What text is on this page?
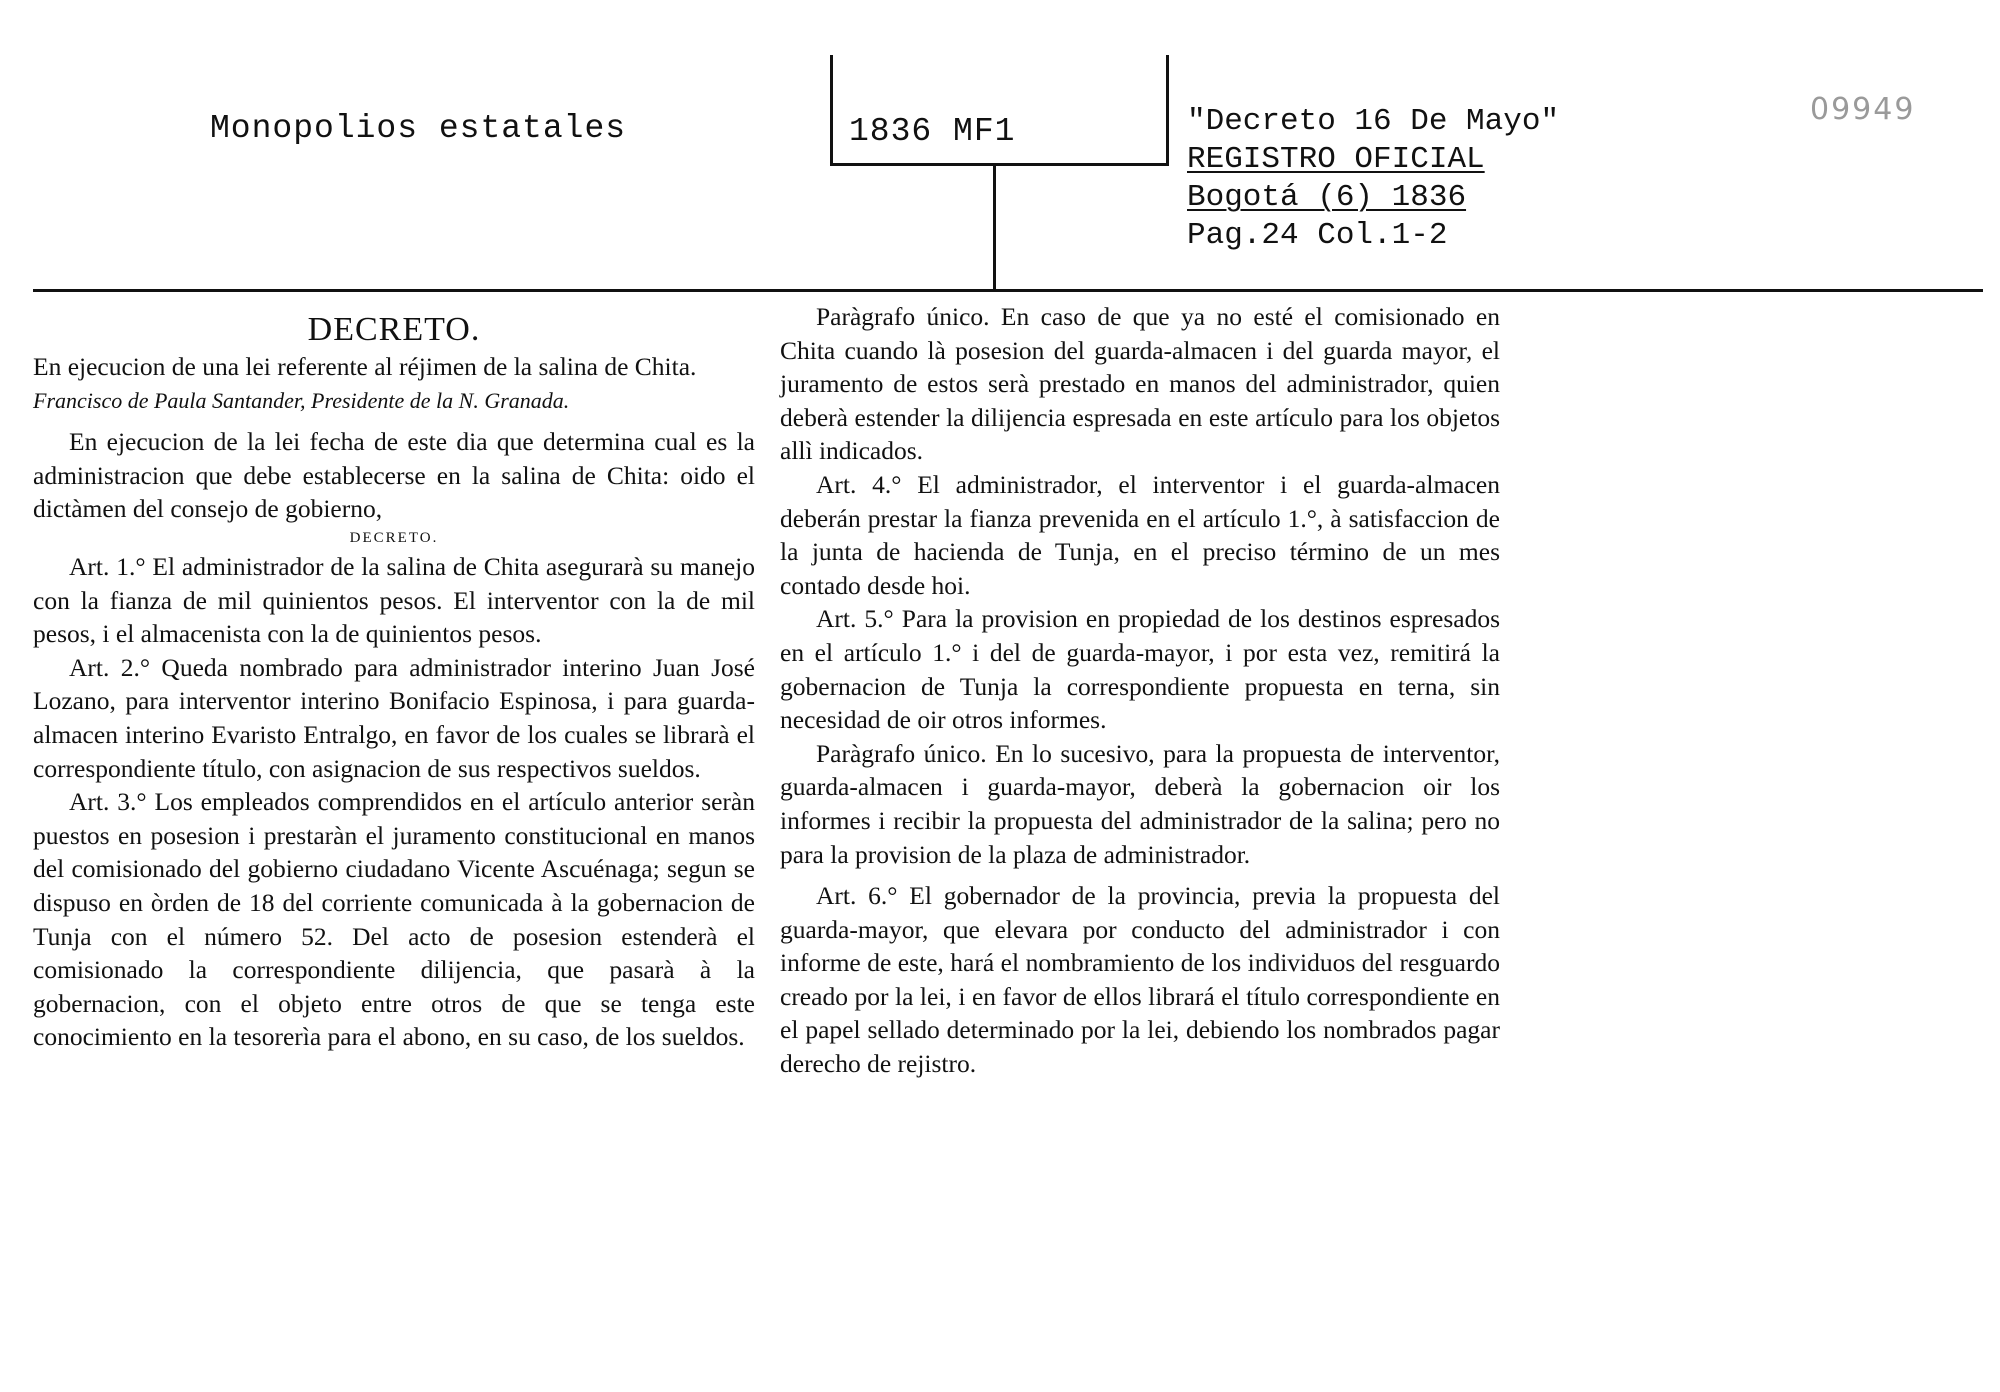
Monopolios estatales	1836 MF1	"Decreto 16 De Mayo"
REGISTRO OFICIAL
Bogotá (6) 1836
Pag.24 Col.1-2
09949

DECRETO.

En ejecucion de una lei referente al réjimen de la salina de Chita.

Francisco de Paula Santander, Presidente de la N. Granada.

En ejecucion de la lei fecha de este dia que determina cual es la administracion que debe establecerse en la salina de Chita: oido el dictàmen del consejo de gobierno,

DECRETO.

Art. 1.° El administrador de la salina de Chita asegurarà su manejo con la fianza de mil quinientos pesos. El interventor con la de mil pesos, i el almacenista con la de quinientos pesos.

Art. 2.° Queda nombrado para administrador interino Juan José Lozano, para interventor interino Bonifacio Espinosa, i para guarda-almacen interino Evaristo Entralgo, en favor de los cuales se librarà el correspondiente título, con asignacion de sus respectivos sueldos.

Art. 3.° Los empleados comprendidos en el artículo anterior seràn puestos en posesion i prestaràn el juramento constitucional en manos del comisionado del gobierno ciudadano Vicente Ascuénaga; segun se dispuso en òrden de 18 del corriente comunicada à la gobernacion de Tunja con el número 52. Del acto de posesion estenderà el comisionado la correspondiente dilijencia, que pasarà à la gobernacion, con el objeto entre otros de que se tenga este conocimiento en la tesorerìa para el abono, en su caso, de los sueldos.

Paràgrafo único. En caso de que ya no esté el comisionado en Chita cuando là posesion del guarda-almacen i del guarda mayor, el juramento de estos serà prestado en manos del administrador, quien deberà estender la dilijencia espresada en este artículo para los objetos allì indicados.

Art. 4.° El administrador, el interventor i el guarda-almacen deberán prestar la fianza prevenida en el artículo 1.°, à satisfaccion de la junta de hacienda de Tunja, en el preciso término de un mes contado desde hoi.

Art. 5.° Para la provision en propiedad de los destinos espresados en el artículo 1.° i del de guarda-mayor, i por esta vez, remitirá la gobernacion de Tunja la correspondiente propuesta en terna, sin necesidad de oir otros informes.

Paràgrafo único. En lo sucesivo, para la propuesta de interventor, guarda-almacen i guarda-mayor, deberà la gobernacion oir los informes i recibir la propuesta del administrador de la salina; pero no para la provision de la plaza de administrador.

Art. 6.° El gobernador de la provincia, previa la propuesta del guarda-mayor, que elevara por conducto del administrador i con informe de este, hará el nombramiento de los individuos del resguardo creado por la lei, i en favor de ellos librará el título correspondiente en el papel sellado determinado por la lei, debiendo los nombrados pagar derecho de rejistro.
